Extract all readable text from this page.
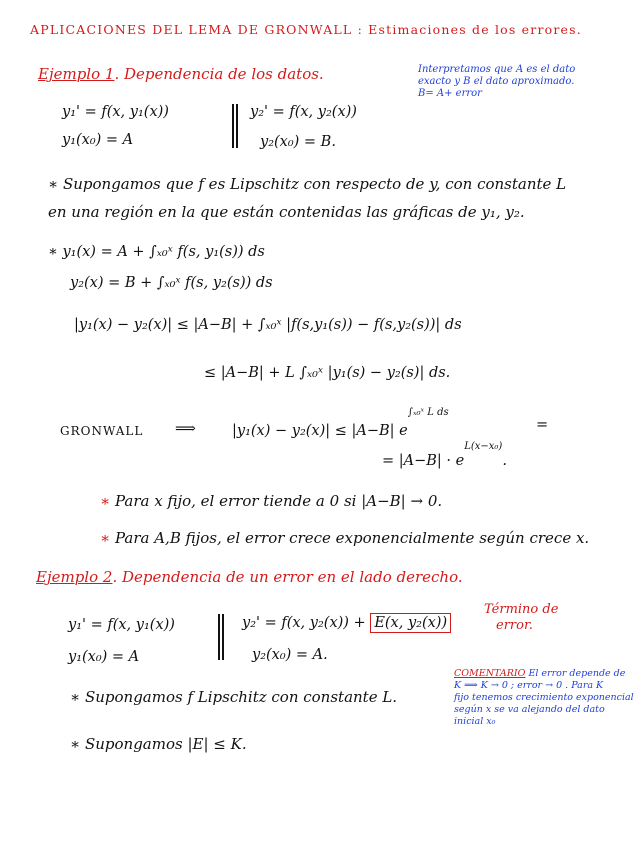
APLICACIONES DEL LEMA DE GRONWALL : Estimaciones de los errores.
Ejemplo 1. Dependencia de los datos.	Interpretamos que A es el dato
exacto y B el dato aproximado.
B= A+ error
y₁' = f(x, y₁(x))
y₁(x₀) = A
y₂' = f(x, y₂(x))
y₂(x₀) = B.
∗ Supongamos que f es Lipschitz con respecto de y, con constante L
en una región en la que están contenidas las gráficas de y₁, y₂.
∗ y₁(x) = A + ∫ₓ₀ˣ f(s, y₁(s)) ds
y₂(x) = B + ∫ₓ₀ˣ f(s, y₂(s)) ds
|y₁(x) − y₂(x)| ≤ |A−B| + ∫ₓ₀ˣ |f(s,y₁(s)) − f(s,y₂(s))| ds
≤ |A−B| + L ∫ₓ₀ˣ |y₁(s) − y₂(s)| ds.
GRONWALL ⟹ |y₁(x) − y₂(x)| ≤ |A−B| $e^{\int_{x0}ˣ L ds}$
=
= $|A-B| \cdot e^{L(x-x_0)}$.
∗ Para x fijo, el error tiende a 0 si |A−B| → 0.
∗ Para A,B fijos, el error crece exponencialmente según crece x.
Ejemplo 2. Dependencia de un error en el lado derecho.
y₁' = f(x, y₁(x))
y₁(x₀) = A
y₂' = f(x, y₂(x)) + E(x, y₂(x))
y₂(x₀) = A.
Término de
error.
∗ Supongamos f Lipschitz con constante L.
∗ Supongamos |E| ≤ K.
COMENTARIO El error depende de
K ⟹ K → 0 ; error → 0 . Para K
fijo tenemos crecimiento exponencial
según x se va alejando del dato
inicial x₀
